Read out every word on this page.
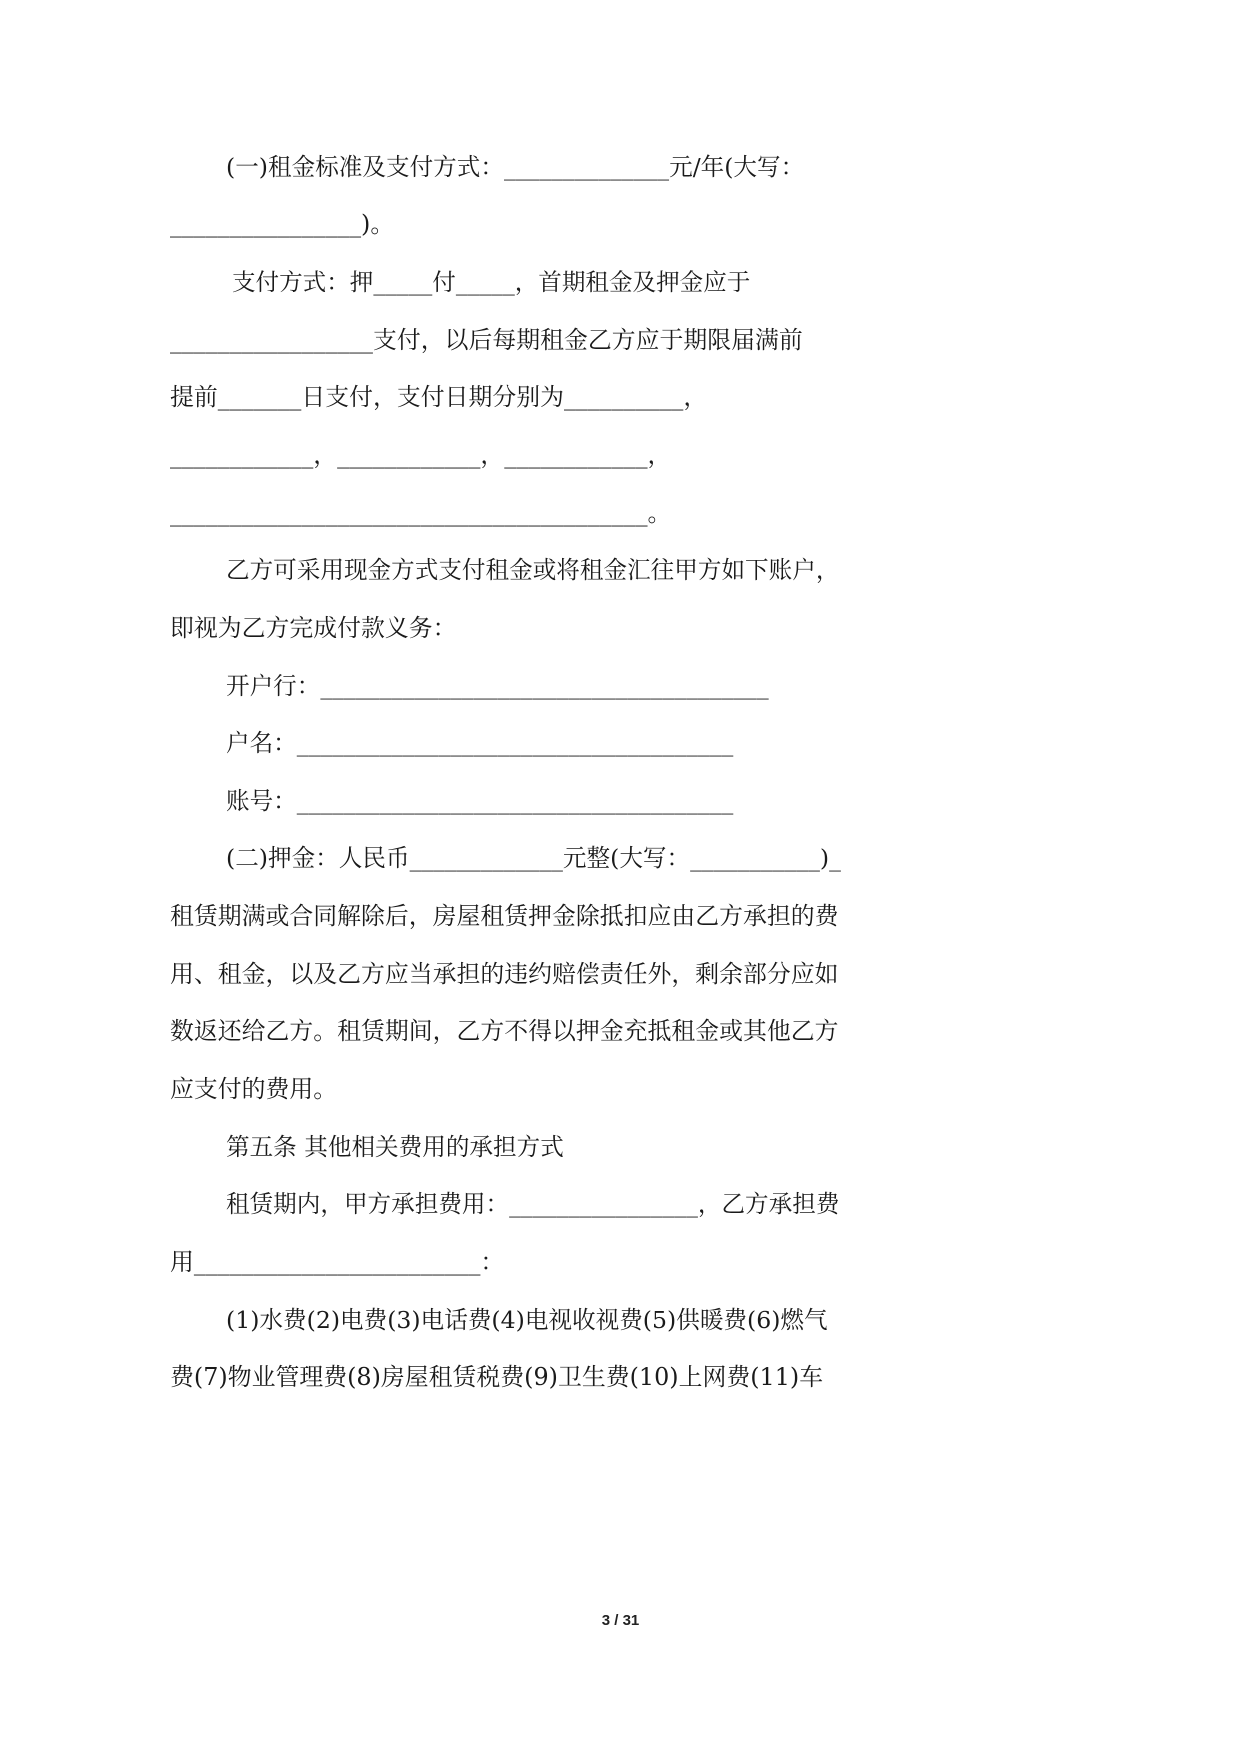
(一)租金标准及支付方式：______________元/年(大写：
________________)。
支付方式：押_____付_____，首期租金及押金应于
_________________支付，以后每期租金乙方应于期限届满前
提前_______日支付，支付日期分别为__________，
____________，____________，____________，
________________________________________。
乙方可采用现金方式支付租金或将租金汇往甲方如下账户，
即视为乙方完成付款义务：
开户行：______________________________________
户名：_____________________________________
账号：_____________________________________
(二)押金：人民币_____________元整(大写：___________)_
租赁期满或合同解除后，房屋租赁押金除抵扣应由乙方承担的费
用、租金，以及乙方应当承担的违约赔偿责任外，剩余部分应如
数返还给乙方。租赁期间，乙方不得以押金充抵租金或其他乙方
应支付的费用。
第五条 其他相关费用的承担方式
租赁期内，甲方承担费用：________________，乙方承担费
用________________________：
(1)水费(2)电费(3)电话费(4)电视收视费(5)供暖费(6)燃气
费(7)物业管理费(8)房屋租赁税费(9)卫生费(10)上网费(11)车
3 / 31
